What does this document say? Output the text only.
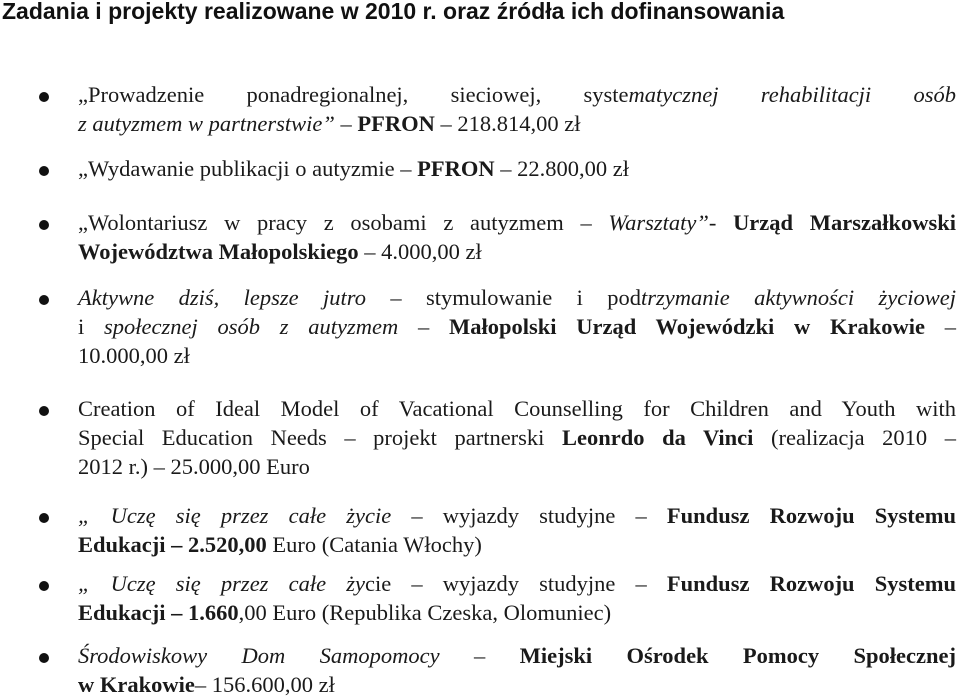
Zadania i projekty realizowane w 2010 r. oraz źródła ich dofinansowania
„Prowadzenie ponadregionalnej, sieciowej, systematycznej rehabilitacji osób
z autyzmem w partnerstwie” – PFRON – 218.814,00 zł
„Wydawanie publikacji o autyzmie – PFRON – 22.800,00 zł
„Wolontariusz w pracy z osobami z autyzmem – Warsztaty”- Urząd Marszałkowski
Województwa Małopolskiego – 4.000,00 zł
Aktywne dziś, lepsze jutro – stymulowanie i podtrzymanie aktywności życiowej
i społecznej osób z autyzmem – Małopolski Urząd Wojewódzki w Krakowie –
10.000,00 zł
Creation of Ideal Model of Vacational Counselling for Children and Youth with
Special Education Needs – projekt partnerski Leonrdo da Vinci (realizacja 2010 –
2012 r.) – 25.000,00 Euro
„ Uczę się przez całe życie – wyjazdy studyjne – Fundusz Rozwoju Systemu
Edukacji – 2.520,00 Euro (Catania Włochy)
„ Uczę się przez całe życie – wyjazdy studyjne – Fundusz Rozwoju Systemu
Edukacji – 1.660,00 Euro (Republika Czeska, Olomuniec)
Środowiskowy Dom Samopomocy – Miejski Ośrodek Pomocy Społecznej
w Krakowie– 156.600,00 zł
